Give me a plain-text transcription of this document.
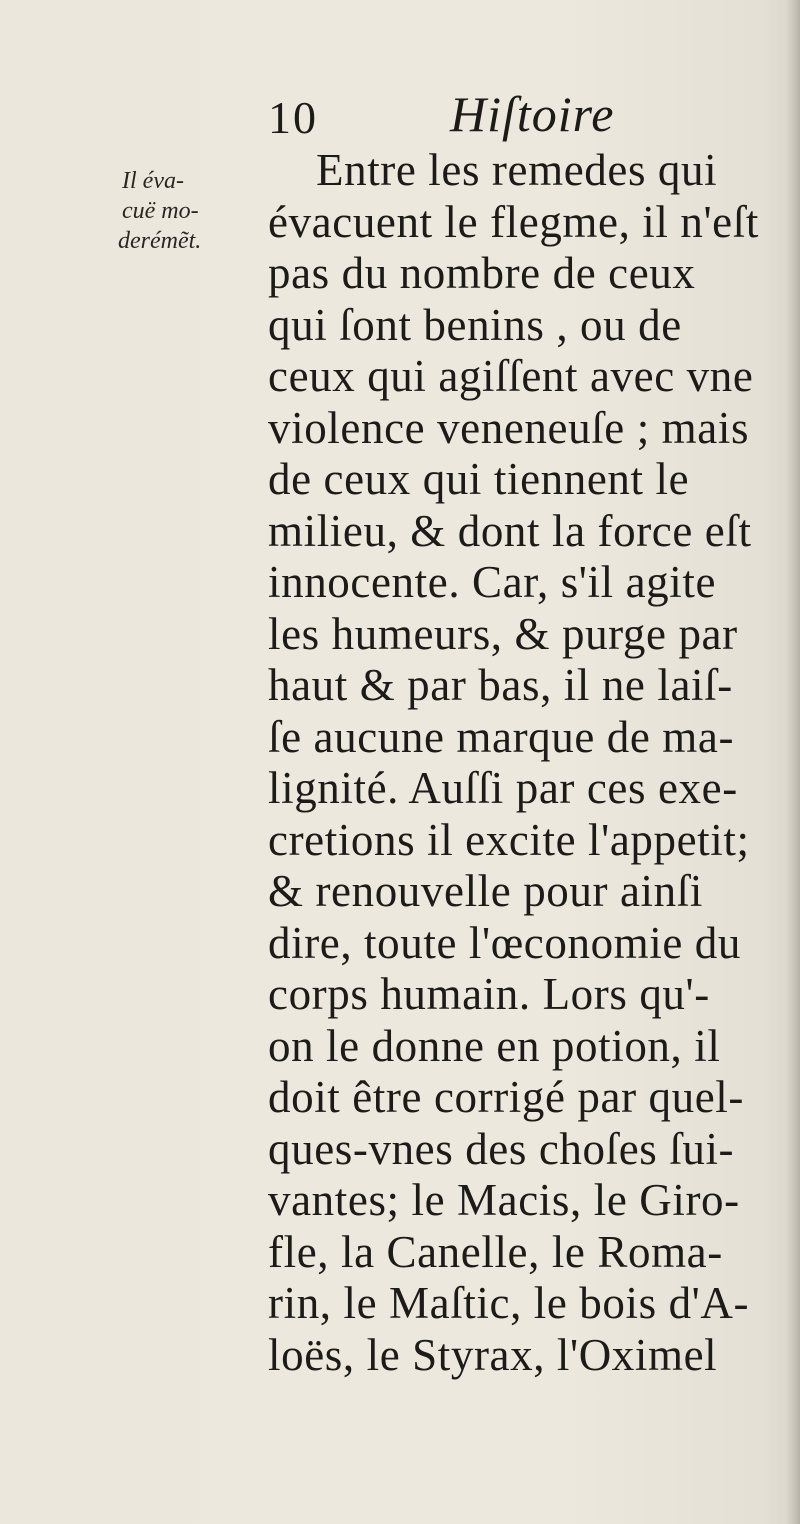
10	Hiſtoire
Il éva-
cuë mo-
derémẽt.
Entre les remedes qui
évacuent le flegme, il n'eſt
pas du nombre de ceux
qui ſont benins , ou de
ceux qui agiſſent avec vne
violence veneneuſe ; mais
de ceux qui tiennent le
milieu, & dont la force eſt
innocente. Car, s'il agite
les humeurs, & purge par
haut & par bas, il ne laiſ-
ſe aucune marque de ma-
lignité. Auſſi par ces exe-
cretions il excite l'appetit;
& renouvelle pour ainſi
dire, toute l'œconomie du
corps humain. Lors qu'-
on le donne en potion, il
doit être corrigé par quel-
ques-vnes des choſes ſui-
vantes; le Macis, le Giro-
fle, la Canelle, le Roma-
rin, le Maſtic, le bois d'A-
loës, le Styrax, l'Oximel
